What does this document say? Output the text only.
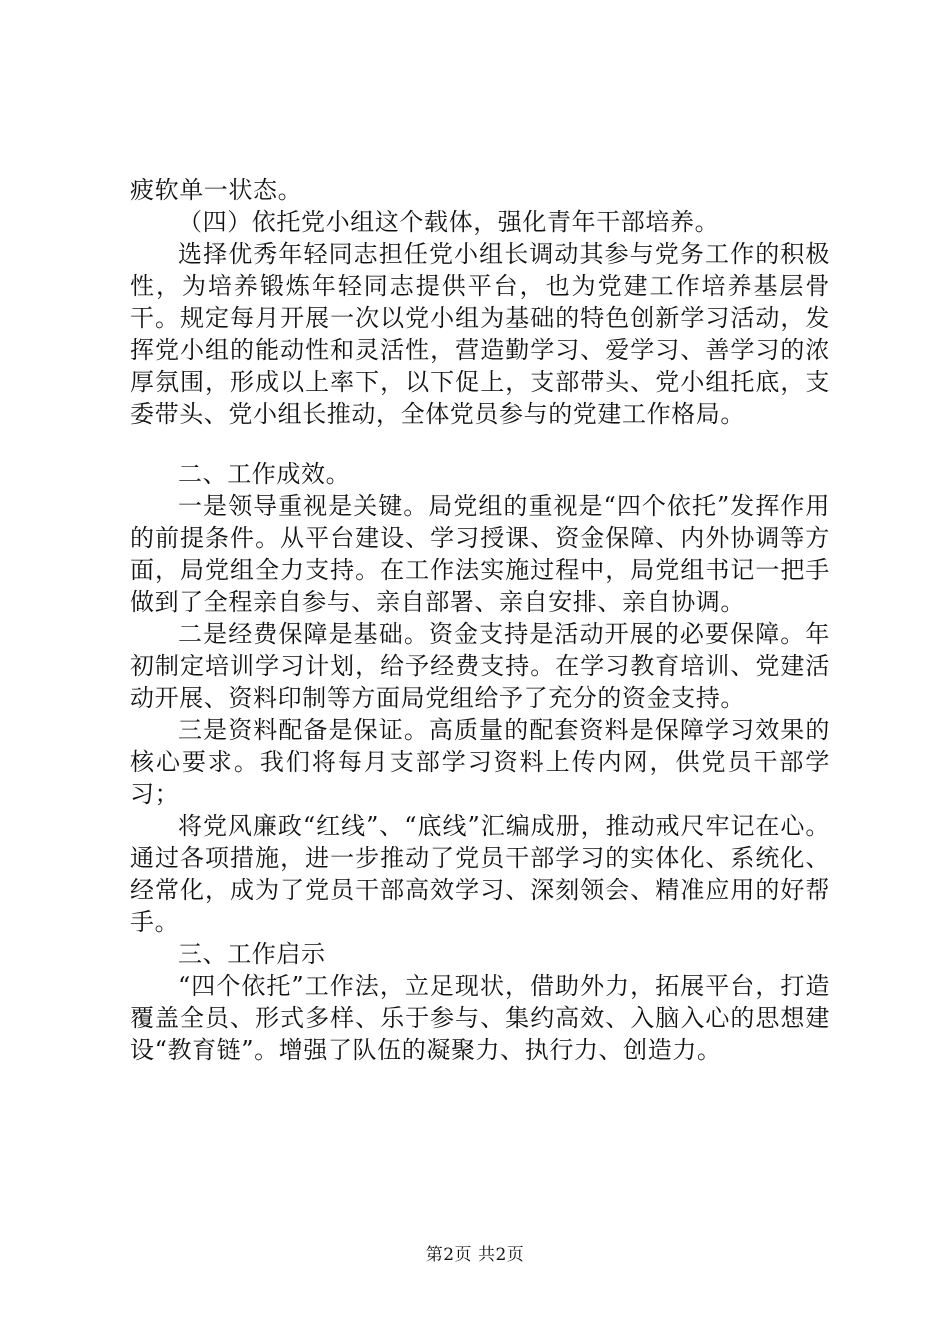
疲软单一状态。

（四）依托党小组这个载体，强化青年干部培养。

选择优秀年轻同志担任党小组长调动其参与党务工作的积极性，为培养锻炼年轻同志提供平台，也为党建工作培养基层骨干。规定每月开展一次以党小组为基础的特色创新学习活动，发挥党小组的能动性和灵活性，营造勤学习、爱学习、善学习的浓厚氛围，形成以上率下，以下促上，支部带头、党小组托底，支委带头、党小组长推动，全体党员参与的党建工作格局。

二、工作成效。

一是领导重视是关键。局党组的重视是“四个依托”发挥作用的前提条件。从平台建设、学习授课、资金保障、内外协调等方面，局党组全力支持。在工作法实施过程中，局党组书记一把手做到了全程亲自参与、亲自部署、亲自安排、亲自协调。

二是经费保障是基础。资金支持是活动开展的必要保障。年初制定培训学习计划，给予经费支持。在学习教育培训、党建活动开展、资料印制等方面局党组给予了充分的资金支持。

三是资料配备是保证。高质量的配套资料是保障学习效果的核心要求。我们将每月支部学习资料上传内网，供党员干部学习；

将党风廉政“红线”、“底线”汇编成册，推动戒尺牢记在心。通过各项措施，进一步推动了党员干部学习的实体化、系统化、经常化，成为了党员干部高效学习、深刻领会、精准应用的好帮手。

三、工作启示

“四个依托”工作法，立足现状，借助外力，拓展平台，打造覆盖全员、形式多样、乐于参与、集约高效、入脑入心的思想建设“教育链”。增强了队伍的凝聚力、执行力、创造力。

第2页 共2页
